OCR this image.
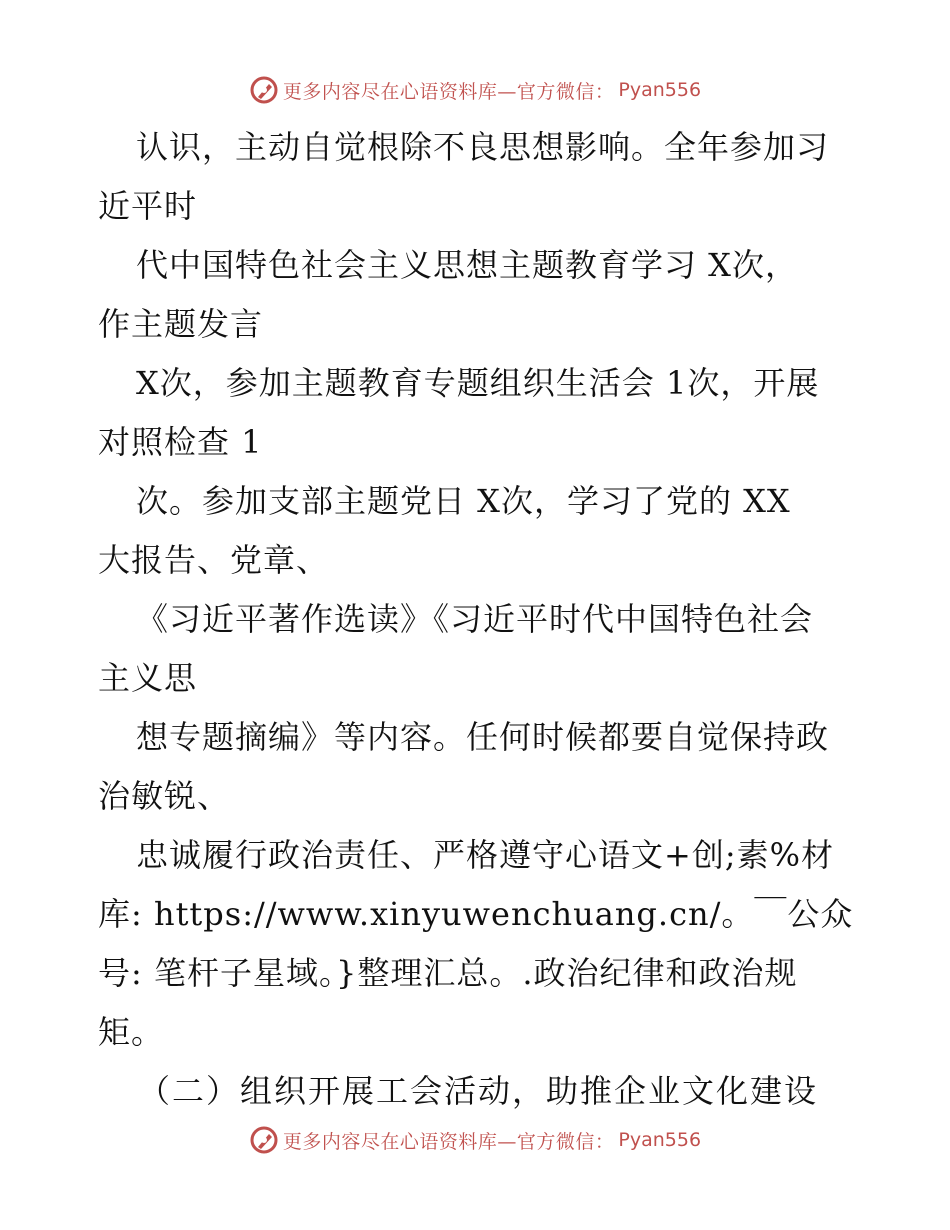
更多内容尽在心语资料库—官方微信： Pyan556
认识，主动自觉根除不良思想影响。全年参加习
近平时
代中国特色社会主义思想主题教育学习 X次，
作主题发言
X次，参加主题教育专题组织生活会 1次，开展
对照检查 1
次。参加支部主题党日 X次，学习了党的 XX
大报告、党章、
《习近平著作选读》《习近平时代中国特色社会
主义思
想专题摘编》等内容。任何时候都要自觉保持政
治敏锐、
忠诚履行政治责任、严格遵守心语文+创;素%材
库: https://www.xinyuwenchuang.cn/。￣公众
号: 笔杆子星域。}整理汇总。.政治纪律和政治规
矩。
（二）组织开展工会活动，助推企业文化建设
更多内容尽在心语资料库—官方微信： Pyan556
